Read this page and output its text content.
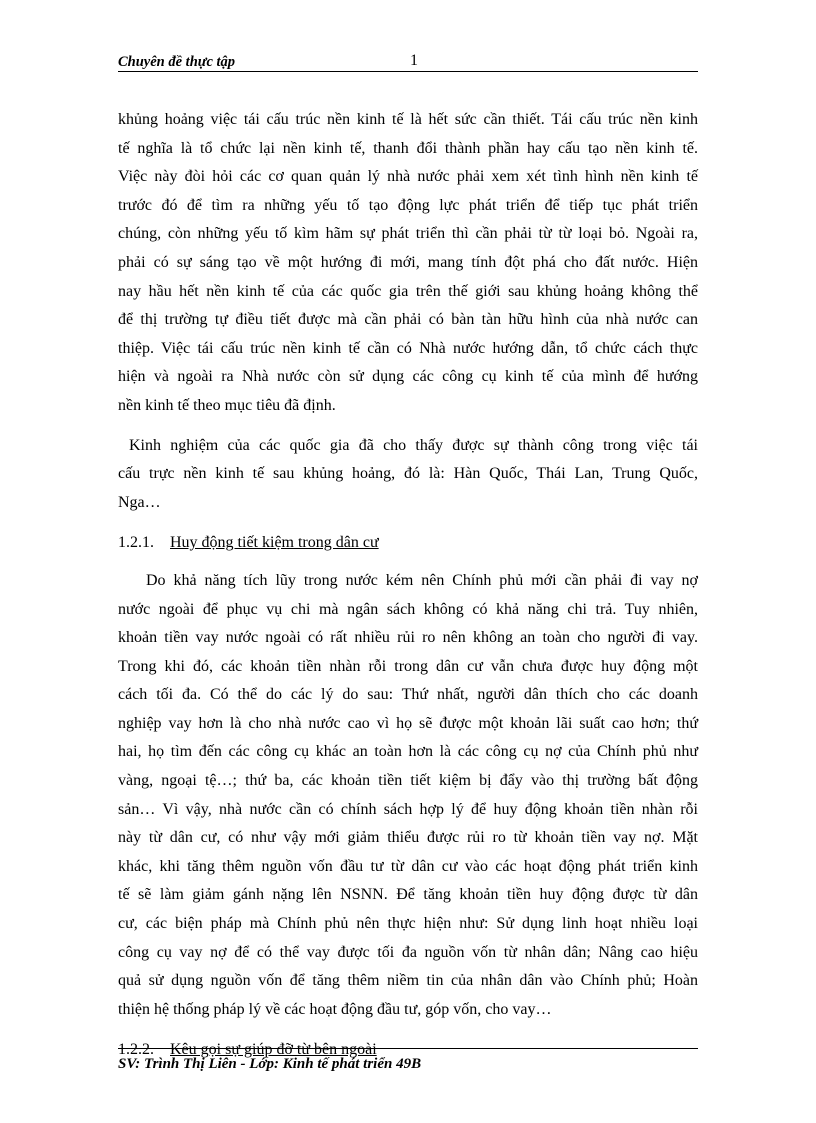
Chuyên đề thực tập	1

khủng hoảng việc tái cấu trúc nền kinh tế là hết sức cần thiết. Tái cấu trúc nền kinh

tế nghĩa là tổ chức lại nền kinh tế, thanh đổi thành phần hay cấu tạo nền kinh tế.

Việc này đòi hỏi các cơ quan quản lý nhà nước phải xem xét tình hình nền kinh tế

trước đó để tìm ra những yếu tố tạo động lực phát triển để tiếp tục phát triển

chúng, còn những yếu tố kìm hãm sự phát triển thì cần phải từ từ loại bỏ. Ngoài ra,

phải có sự sáng tạo về một hướng đi mới, mang tính đột phá cho đất nước. Hiện

nay hầu hết nền kinh tế của các quốc gia trên thế giới sau khủng hoảng không thể

để thị trường tự điều tiết được mà cần phải có bàn tàn hữu hình của nhà nước can

thiệp. Việc tái cấu trúc nền kinh tế cần có Nhà nước hướng dẫn, tổ chức cách thực

hiện và ngoài ra Nhà nước còn sử dụng các công cụ kinh tế của mình để hướng

nền kinh tế theo mục tiêu đã định.

Kinh nghiệm của các quốc gia đã cho thấy được sự thành công trong việc tái

cấu trực nền kinh tế sau khủng hoảng, đó là: Hàn Quốc, Thái Lan, Trung Quốc,

Nga…

1.2.1. Huy động tiết kiệm trong dân cư

Do khả năng tích lũy trong nước kém nên Chính phủ mới cần phải đi vay nợ

nước ngoài để phục vụ chi mà ngân sách không có khả năng chi trả. Tuy nhiên,

khoản tiền vay nước ngoài có rất nhiều rủi ro nên không an toàn cho người đi vay.

Trong khi đó, các khoản tiền nhàn rỗi trong dân cư vẫn chưa được huy động một

cách tối đa. Có thể do các lý do sau: Thứ nhất, người dân thích cho các doanh

nghiệp vay hơn là cho nhà nước cao vì họ sẽ được một khoản lãi suất cao hơn; thứ

hai, họ tìm đến các công cụ khác an toàn hơn là các công cụ nợ của Chính phủ như

vàng, ngoại tệ…; thứ ba, các khoản tiền tiết kiệm bị đẩy vào thị trường bất động

sản… Vì vậy, nhà nước cần có chính sách hợp lý để huy động khoản tiền nhàn rỗi

này từ dân cư, có như vậy mới giảm thiểu được rủi ro từ khoản tiền vay nợ. Mặt

khác, khi tăng thêm nguồn vốn đầu tư từ dân cư vào các hoạt động phát triển kinh

tế sẽ làm giảm gánh nặng lên NSNN. Để tăng khoản tiền huy động được từ dân

cư, các biện pháp mà Chính phủ nên thực hiện như: Sử dụng linh hoạt nhiều loại

công cụ vay nợ để có thể vay được tối đa nguồn vốn từ nhân dân; Nâng cao hiệu

quả sử dụng nguồn vốn để tăng thêm niềm tin của nhân dân vào Chính phủ; Hoàn

thiện hệ thống pháp lý về các hoạt động đầu tư, góp vốn, cho vay…

1.2.2. Kêu gọi sự giúp đỡ từ bên ngoài

SV: Trình Thị Liên - Lớp: Kinh tế phát triển 49B
